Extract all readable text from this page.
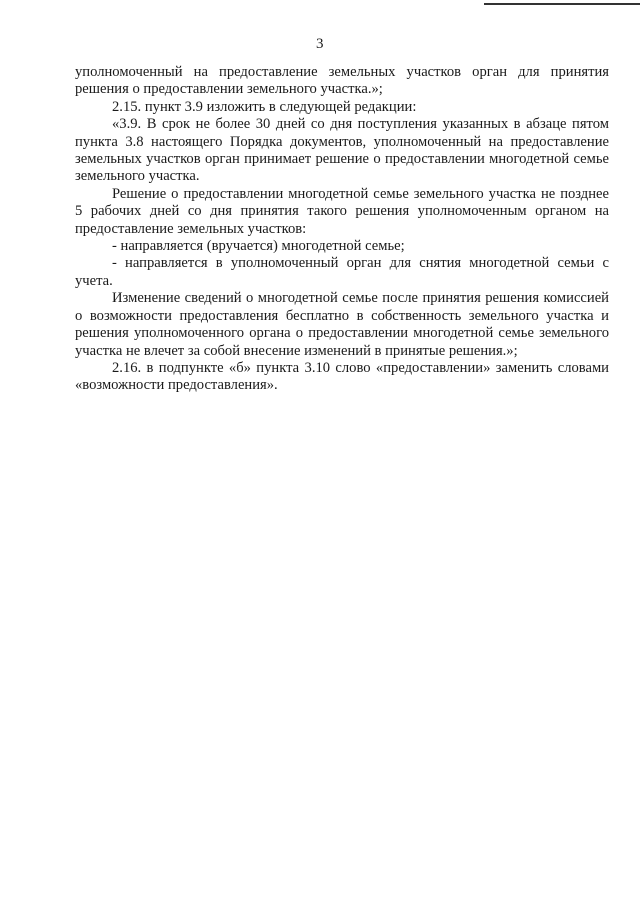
3

уполномоченный на предоставление земельных участков орган для принятия решения о предоставлении земельного участка.»;

2.15. пункт 3.9 изложить в следующей редакции:

«3.9. В срок не более 30 дней со дня поступления указанных в абзаце пятом пункта 3.8 настоящего Порядка документов, уполномоченный на предоставление земельных участков орган принимает решение о предоставлении многодетной семье земельного участка.

Решение о предоставлении многодетной семье земельного участка не позднее 5 рабочих дней со дня принятия такого решения уполномоченным органом на предоставление земельных участков:

- направляется (вручается) многодетной семье;

- направляется в уполномоченный орган для снятия многодетной семьи с учета.

Изменение сведений о многодетной семье после принятия решения комиссией о возможности предоставления бесплатно в собственность земельного участка и решения уполномоченного органа о предоставлении многодетной семье земельного участка не влечет за собой внесение изменений в принятые решения.»;

2.16. в подпункте «б» пункта 3.10 слово «предоставлении» заменить словами «возможности предоставления».
